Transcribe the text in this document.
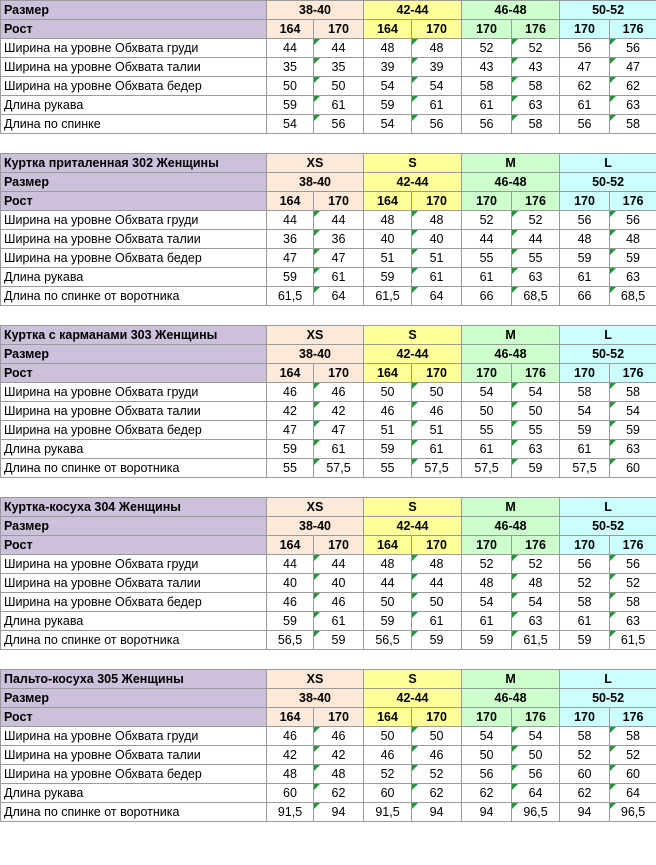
Размер	38-40		42-44		46-48		50-52	
Рост	164	170	164	170	170	176	170	176
Ширина на уровне Обхвата груди	44	44	48	48	52	52	56	56
Ширина на уровне Обхвата талии	35	35	39	39	43	43	47	47
Ширина на уровне Обхвата бедер	50	50	54	54	58	58	62	62
Длина рукава	59	61	59	61	61	63	61	63
Длина по спинке	54	56	54	56	56	58	56	58

Куртка приталенная 302 Женщины	XS		S		M		L	
Размер	38-40		42-44		46-48		50-52	
Рост	164	170	164	170	170	176	170	176
Ширина на уровне Обхвата груди	44	44	48	48	52	52	56	56
Ширина на уровне Обхвата талии	36	36	40	40	44	44	48	48
Ширина на уровне Обхвата бедер	47	47	51	51	55	55	59	59
Длина рукава	59	61	59	61	61	63	61	63
Длина по спинке от воротника	61,5	64	61,5	64	66	68,5	66	68,5

Куртка с карманами 303 Женщины	XS		S		M		L	
Размер	38-40		42-44		46-48		50-52	
Рост	164	170	164	170	170	176	170	176
Ширина на уровне Обхвата груди	46	46	50	50	54	54	58	58
Ширина на уровне Обхвата талии	42	42	46	46	50	50	54	54
Ширина на уровне Обхвата бедер	47	47	51	51	55	55	59	59
Длина рукава	59	61	59	61	61	63	61	63
Длина по спинке от воротника	55	57,5	55	57,5	57,5	59	57,5	60

Куртка-косуха 304 Женщины	XS		S		M		L	
Размер	38-40		42-44		46-48		50-52	
Рост	164	170	164	170	170	176	170	176
Ширина на уровне Обхвата груди	44	44	48	48	52	52	56	56
Ширина на уровне Обхвата талии	40	40	44	44	48	48	52	52
Ширина на уровне Обхвата бедер	46	46	50	50	54	54	58	58
Длина рукава	59	61	59	61	61	63	61	63
Длина по спинке от воротника	56,5	59	56,5	59	59	61,5	59	61,5

Пальто-косуха 305 Женщины	XS		S		M		L	
Размер	38-40		42-44		46-48		50-52	
Рост	164	170	164	170	170	176	170	176
Ширина на уровне Обхвата груди	46	46	50	50	54	54	58	58
Ширина на уровне Обхвата талии	42	42	46	46	50	50	52	52
Ширина на уровне Обхвата бедер	48	48	52	52	56	56	60	60
Длина рукава	60	62	60	62	62	64	62	64
Длина по спинке от воротника	91,5	94	91,5	94	94	96,5	94	96,5
